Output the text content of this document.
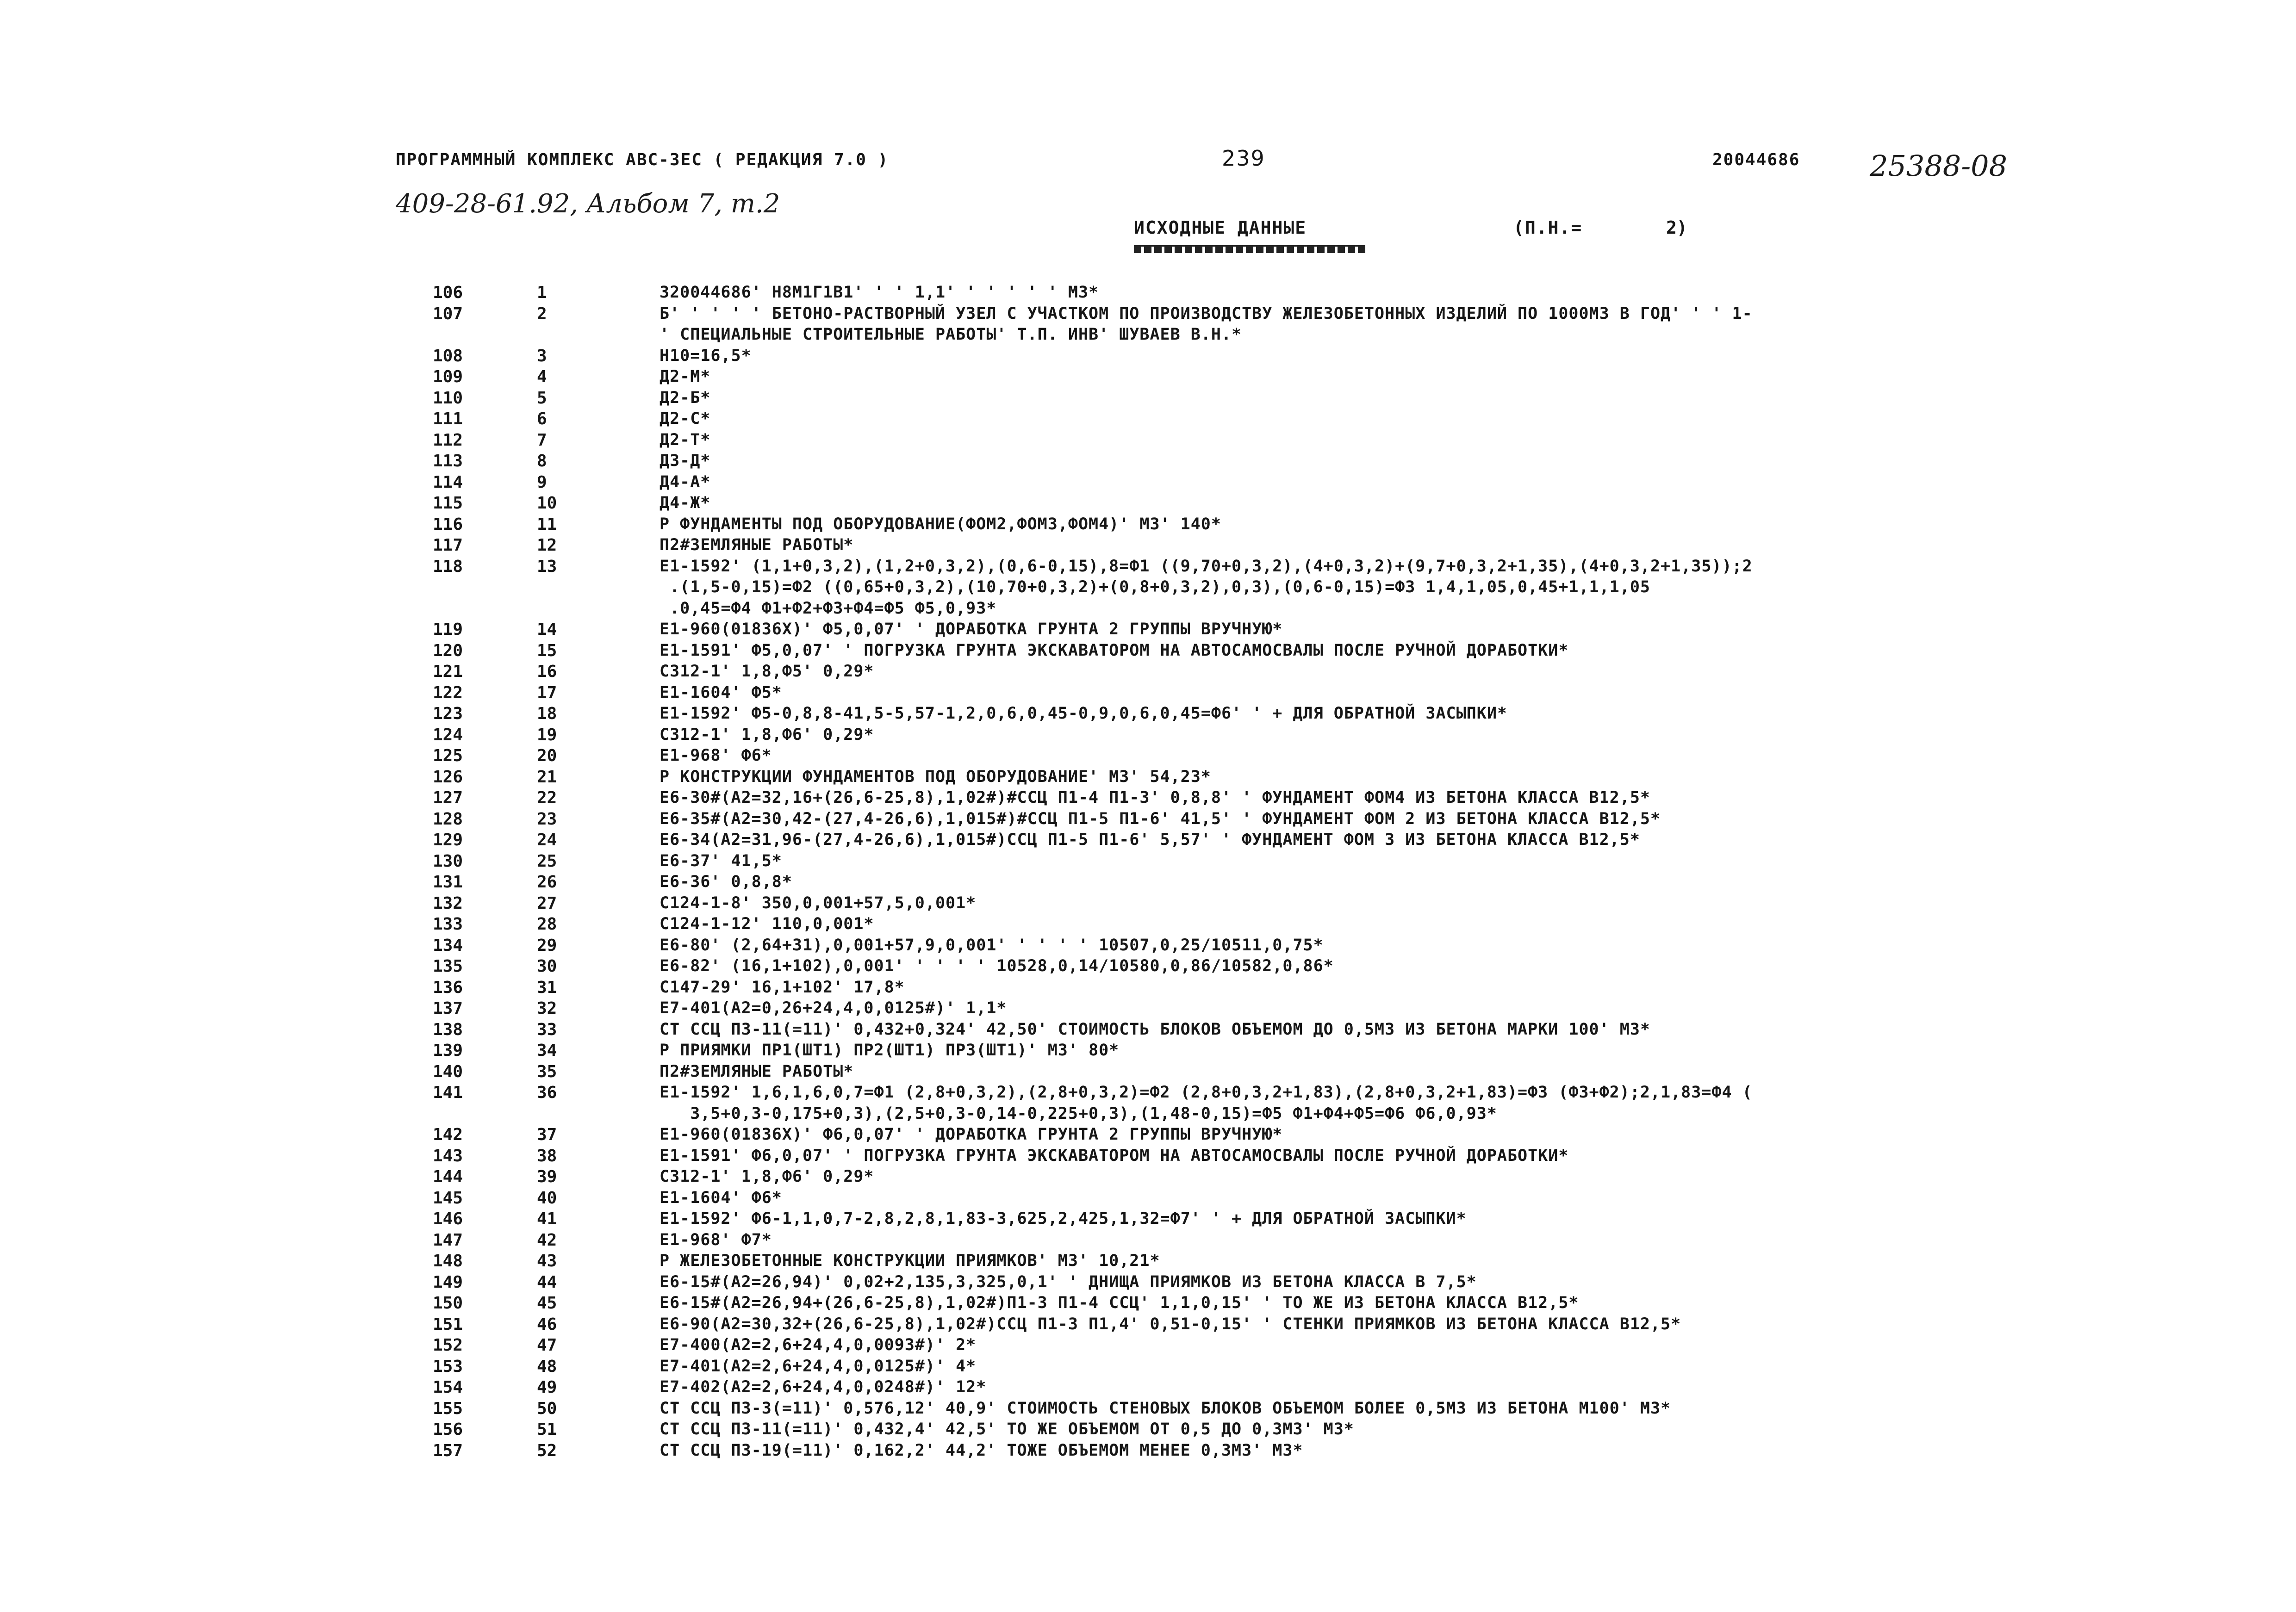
ПРОГРАММНЫЙ КОМПЛЕКС АВС-ЗЕС ( РЕДАКЦИЯ 7.0 )	239	20044686 25388-08
409-28-61.92, Альбом 7, т.2
ИСХОДНЫЕ ДАННЫЕ	(П.Н.=	2)
106	1	320044686' Н8М1Г1В1' ' ' 1,1' ' ' ' ' ' М3*
107	2	Б' ' ' ' ' БЕТОНО-РАСТВОРНЫЙ УЗЕЛ С УЧАСТКОМ ПО ПРОИЗВОДСТВУ ЖЕЛЕЗОБЕТОННЫХ ИЗДЕЛИЙ ПО 1000М3 В ГОД' ' ' 1-
' СПЕЦИАЛЬНЫЕ СТРОИТЕЛЬНЫЕ РАБОТЫ' Т.П. ИНВ' ШУВАЕВ В.Н.*
108	3	Н10=16,5*
109	4	Д2-М*
110	5	Д2-Б*
111	6	Д2-С*
112	7	Д2-Т*
113	8	Д3-Д*
114	9	Д4-А*
115	10	Д4-Ж*
116	11	Р ФУНДАМЕНТЫ ПОД ОБОРУДОВАНИЕ(ФОМ2,ФОМ3,ФОМ4)' М3' 140*
117	12	П2#ЗЕМЛЯНЫЕ РАБОТЫ*
118	13	Е1-1592' (1,1+0,3,2),(1,2+0,3,2),(0,6-0,15),8=Ф1 ((9,70+0,3,2),(4+0,3,2)+(9,7+0,3,2+1,35),(4+0,3,2+1,35));2
.(1,5-0,15)=Ф2 ((0,65+0,3,2),(10,70+0,3,2)+(0,8+0,3,2),0,3),(0,6-0,15)=Ф3 1,4,1,05,0,45+1,1,1,05
.0,45=Ф4 Ф1+Ф2+Ф3+Ф4=Ф5 Ф5,0,93*
119	14	Е1-960(01836Х)' Ф5,0,07' ' ДОРАБОТКА ГРУНТА 2 ГРУППЫ ВРУЧНУЮ*
120	15	Е1-1591' Ф5,0,07' ' ПОГРУЗКА ГРУНТА ЭКСКАВАТОРОМ НА АВТОСАМОСВАЛЫ ПОСЛЕ РУЧНОЙ ДОРАБОТКИ*
121	16	С312-1' 1,8,Ф5' 0,29*
122	17	Е1-1604' Ф5*
123	18	Е1-1592' Ф5-0,8,8-41,5-5,57-1,2,0,6,0,45-0,9,0,6,0,45=Ф6' ' + ДЛЯ ОБРАТНОЙ ЗАСЫПКИ*
124	19	С312-1' 1,8,Ф6' 0,29*
125	20	Е1-968' Ф6*
126	21	Р КОНСТРУКЦИИ ФУНДАМЕНТОВ ПОД ОБОРУДОВАНИЕ' М3' 54,23*
127	22	Е6-30#(А2=32,16+(26,6-25,8),1,02#)#ССЦ П1-4 П1-3' 0,8,8' ' ФУНДАМЕНТ ФОМ4 ИЗ БЕТОНА КЛАССА В12,5*
128	23	Е6-35#(А2=30,42-(27,4-26,6),1,015#)#ССЦ П1-5 П1-6' 41,5' ' ФУНДАМЕНТ ФОМ 2 ИЗ БЕТОНА КЛАССА В12,5*
129	24	Е6-34(А2=31,96-(27,4-26,6),1,015#)ССЦ П1-5 П1-6' 5,57' ' ФУНДАМЕНТ ФОМ 3 ИЗ БЕТОНА КЛАССА В12,5*
130	25	Е6-37' 41,5*
131	26	Е6-36' 0,8,8*
132	27	С124-1-8' 350,0,001+57,5,0,001*
133	28	С124-1-12' 110,0,001*
134	29	Е6-80' (2,64+31),0,001+57,9,0,001' ' ' ' ' 10507,0,25/10511,0,75*
135	30	Е6-82' (16,1+102),0,001' ' ' ' ' 10528,0,14/10580,0,86/10582,0,86*
136	31	С147-29' 16,1+102' 17,8*
137	32	Е7-401(А2=0,26+24,4,0,0125#)' 1,1*
138	33	СТ ССЦ П3-11(=11)' 0,432+0,324' 42,50' СТОИМОСТЬ БЛОКОВ ОБЪЕМОМ ДО 0,5М3 ИЗ БЕТОНА МАРКИ 100' М3*
139	34	Р ПРИЯМКИ ПР1(ШТ1) ПР2(ШТ1) ПР3(ШТ1)' М3' 80*
140	35	П2#ЗЕМЛЯНЫЕ РАБОТЫ*
141	36	Е1-1592' 1,6,1,6,0,7=Ф1 (2,8+0,3,2),(2,8+0,3,2)=Ф2 (2,8+0,3,2+1,83),(2,8+0,3,2+1,83)=Ф3 (Ф3+Ф2);2,1,83=Ф4 (
3,5+0,3-0,175+0,3),(2,5+0,3-0,14-0,225+0,3),(1,48-0,15)=Ф5 Ф1+Ф4+Ф5=Ф6 Ф6,0,93*
142	37	Е1-960(01836Х)' Ф6,0,07' ' ДОРАБОТКА ГРУНТА 2 ГРУППЫ ВРУЧНУЮ*
143	38	Е1-1591' Ф6,0,07' ' ПОГРУЗКА ГРУНТА ЭКСКАВАТОРОМ НА АВТОСАМОСВАЛЫ ПОСЛЕ РУЧНОЙ ДОРАБОТКИ*
144	39	С312-1' 1,8,Ф6' 0,29*
145	40	Е1-1604' Ф6*
146	41	Е1-1592' Ф6-1,1,0,7-2,8,2,8,1,83-3,625,2,425,1,32=Ф7' ' + ДЛЯ ОБРАТНОЙ ЗАСЫПКИ*
147	42	Е1-968' Ф7*
148	43	Р ЖЕЛЕЗОБЕТОННЫЕ КОНСТРУКЦИИ ПРИЯМКОВ' М3' 10,21*
149	44	Е6-15#(А2=26,94)' 0,02+2,135,3,325,0,1' ' ДНИЩА ПРИЯМКОВ ИЗ БЕТОНА КЛАССА В 7,5*
150	45	Е6-15#(А2=26,94+(26,6-25,8),1,02#)П1-3 П1-4 ССЦ' 1,1,0,15' ' ТО ЖЕ ИЗ БЕТОНА КЛАССА В12,5*
151	46	Е6-90(А2=30,32+(26,6-25,8),1,02#)ССЦ П1-3 П1,4' 0,51-0,15' ' СТЕНКИ ПРИЯМКОВ ИЗ БЕТОНА КЛАССА В12,5*
152	47	Е7-400(А2=2,6+24,4,0,0093#)' 2*
153	48	Е7-401(А2=2,6+24,4,0,0125#)' 4*
154	49	Е7-402(А2=2,6+24,4,0,0248#)' 12*
155	50	СТ ССЦ П3-3(=11)' 0,576,12' 40,9' СТОИМОСТЬ СТЕНОВЫХ БЛОКОВ ОБЪЕМОМ БОЛЕЕ 0,5М3 ИЗ БЕТОНА М100' М3*
156	51	СТ ССЦ П3-11(=11)' 0,432,4' 42,5' ТО ЖЕ ОБЪЕМОМ ОТ 0,5 ДО 0,3М3' М3*
157	52	СТ ССЦ П3-19(=11)' 0,162,2' 44,2' ТОЖЕ ОБЪЕМОМ МЕНЕЕ 0,3М3' М3*
